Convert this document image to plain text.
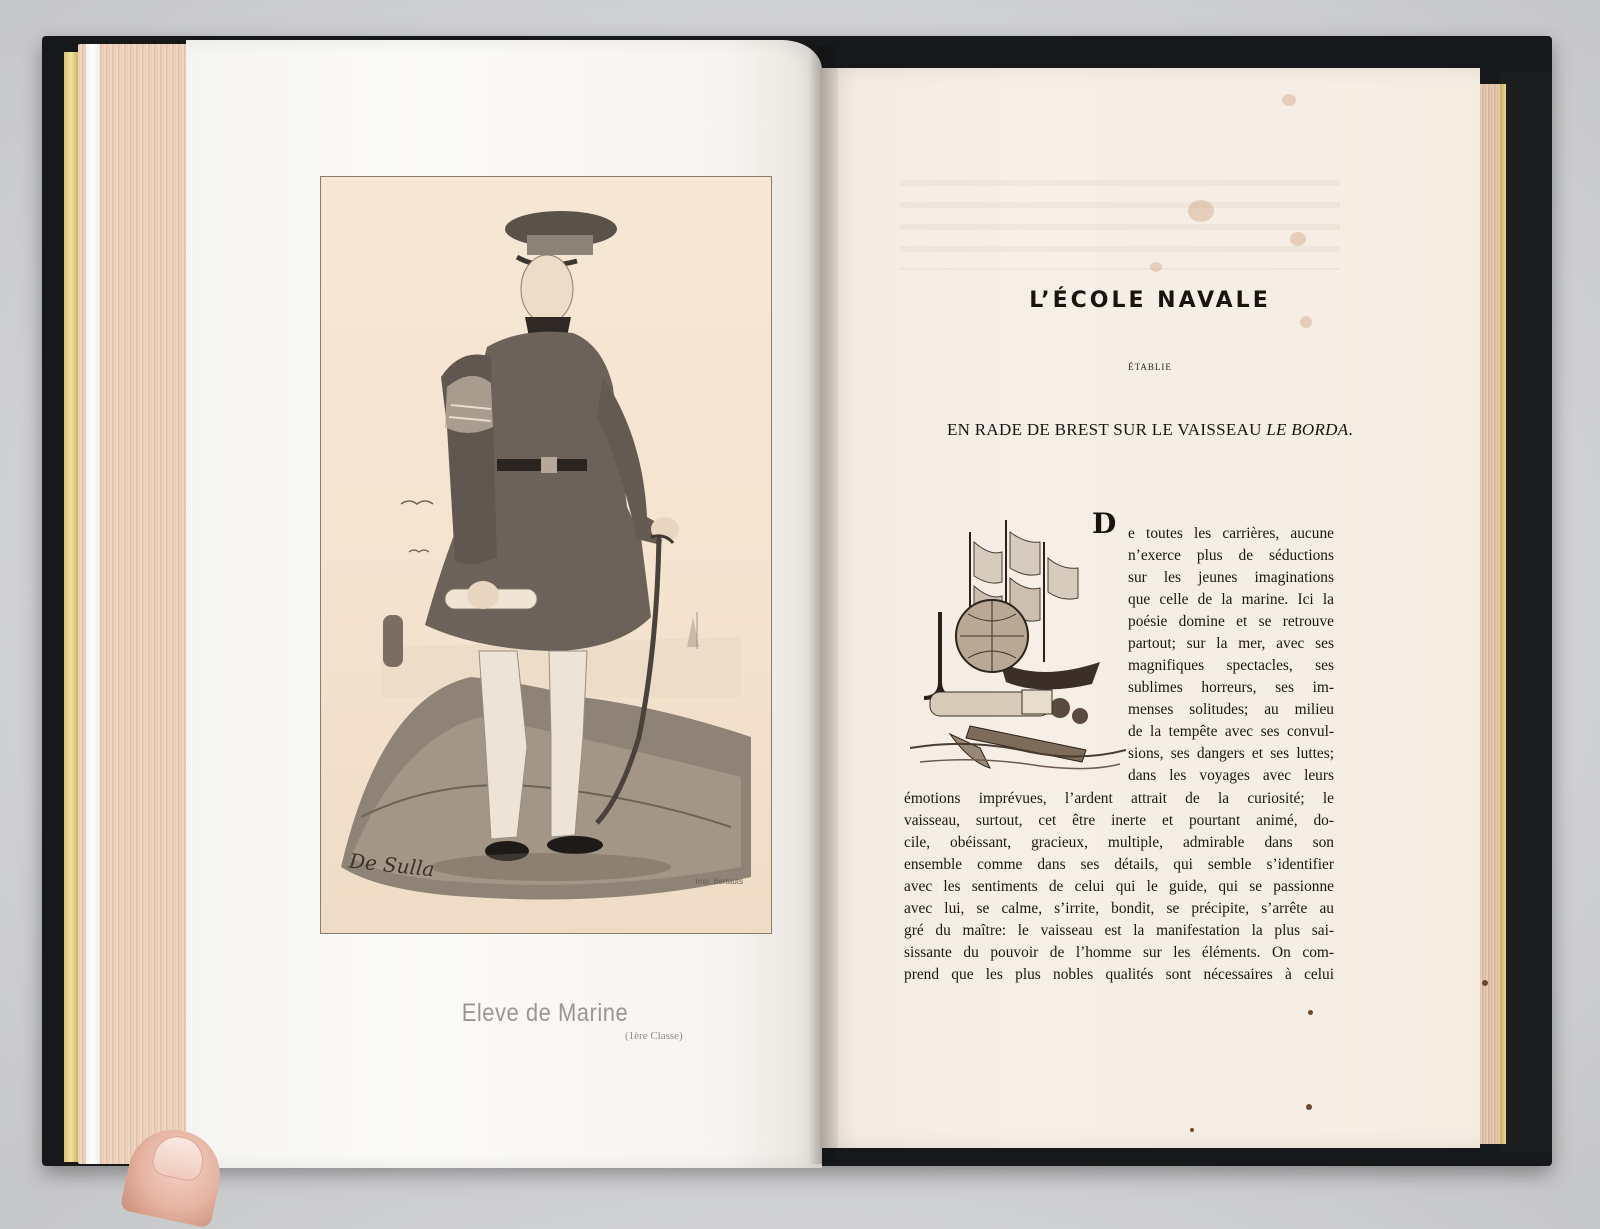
De Sulla
Imp. Bertauts
Eleve de Marine
(1ère Classe)
L’ÉCOLE NAVALE
ÉTABLIE
EN RADE DE BREST SUR LE VAISSEAU LE BORDA.
D e toutes les carrières, aucune
n’exerce plus de séductions
sur les jeunes imaginations
que celle de la marine. Ici la
poésie domine et se retrouve
partout; sur la mer, avec ses
magnifiques spectacles, ses
sublimes horreurs, ses im-
menses solitudes; au milieu
de la tempête avec ses convul-
sions, ses dangers et ses luttes;
dans les voyages avec leurs
émotions imprévues, l’ardent attrait de la curiosité; le
vaisseau, surtout, cet être inerte et pourtant animé, do-
cile, obéissant, gracieux, multiple, admirable dans son
ensemble comme dans ses détails, qui semble s’identifier
avec les sentiments de celui qui le guide, qui se passionne
avec lui, se calme, s’irrite, bondit, se précipite, s’arrête au
gré du maître: le vaisseau est la manifestation la plus sai-
sissante du pouvoir de l’homme sur les éléments. On com-
prend que les plus nobles qualités sont nécessaires à celui
